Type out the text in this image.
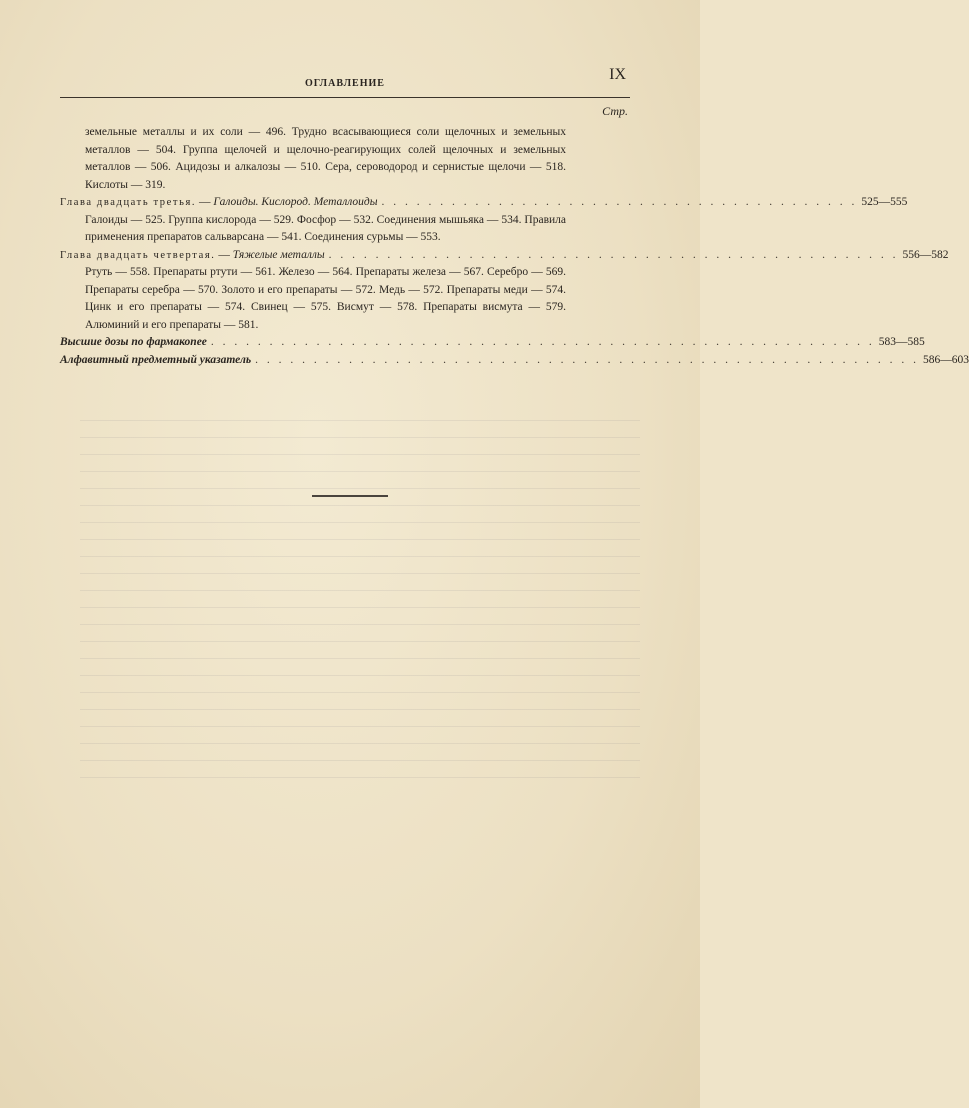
ОГЛАВЛЕНИЕ
IX
Стр.
земельные металлы и их соли — 496. Трудно всасывающиеся соли щелочных и земельных металлов — 504. Группа щелочей и щелочно-реагирующих солей щелочных и земельных металлов — 506. Ацидозы и алкалозы — 510. Сера, сероводород и сернистые щелочи — 518. Кислоты — 319.
Глава двадцать третья. — Галоиды. Кислород. Металлоиды . . . . . . . . . . . . . . . . . . . . . . . . . . . . . . . . . . . . . . . . . 525—555
Галоиды — 525. Группа кислорода — 529. Фосфор — 532. Соединения мышьяка — 534. Правила применения препаратов сальварсана — 541. Соединения сурьмы — 553.
Глава двадцать четвертая. — Тяжелые металлы . . . . . . . . . . . . . . . . . . . . . . . . . . . . . . . . . . . . . . . . . . . . . . . . . 556—582
Ртуть — 558. Препараты ртути — 561. Железо — 564. Препараты железа — 567. Серебро — 569. Препараты серебра — 570. Золото и его препараты — 572. Медь — 572. Препараты меди — 574. Цинк и его препараты — 574. Свинец — 575. Висмут — 578. Препараты висмута — 579. Алюминий и его препараты — 581.
Высшие дозы по фармакопее . . . . . . . . . . . . . . . . . . . . . . . . . . . . . . . . . . . . . . . . . . . . . . . . . . . . . . . . . 583—585
Алфавитный предметный указатель . . . . . . . . . . . . . . . . . . . . . . . . . . . . . . . . . . . . . . . . . . . . . . . . . . . . . . . . . 586—603
